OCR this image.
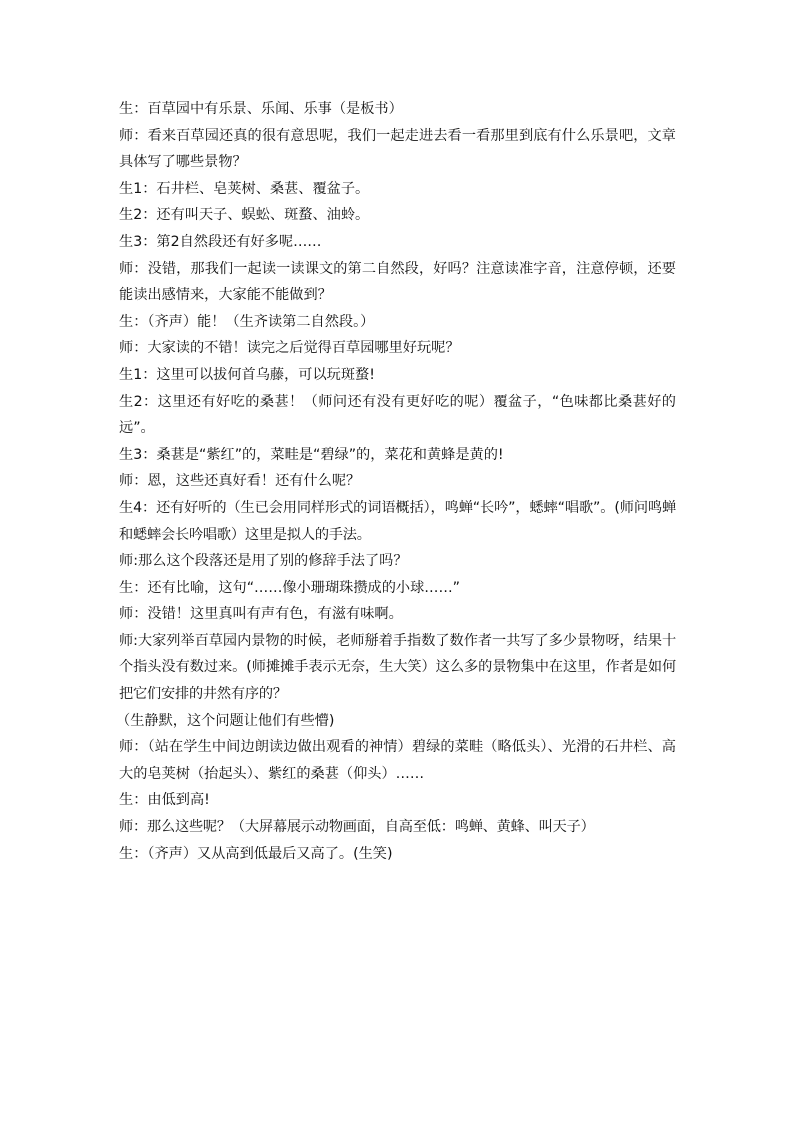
生：百草园中有乐景、乐闻、乐事（是板书）

师：看来百草园还真的很有意思呢，我们一起走进去看一看那里到底有什么乐景吧，文章具体写了哪些景物？

生1：石井栏、皂荚树、桑葚、覆盆子。

生2：还有叫天子、蜈蚣、斑蝥、油蛉。

生3：第2自然段还有好多呢……

师：没错，那我们一起读一读课文的第二自然段，好吗？注意读准字音，注意停顿，还要能读出感情来，大家能不能做到？

生：（齐声）能！（生齐读第二自然段。）

师：大家读的不错！读完之后觉得百草园哪里好玩呢？

生1：这里可以拔何首乌藤，可以玩斑蝥!

生2：这里还有好吃的桑葚！（师问还有没有更好吃的呢）覆盆子，“色味都比桑葚好的远”。

生3：桑葚是“紫红”的，菜畦是“碧绿”的，菜花和黄蜂是黄的!

师：恩，这些还真好看！还有什么呢？

生4：还有好听的（生已会用同样形式的词语概括），鸣蝉“长吟”，蟋蟀“唱歌”。(师问鸣蝉和蟋蟀会长吟唱歌）这里是拟人的手法。

师:那么这个段落还是用了别的修辞手法了吗？

生：还有比喻，这句“……像小珊瑚珠攒成的小球……”

师：没错！这里真叫有声有色，有滋有味啊。

师:大家列举百草园内景物的时候，老师掰着手指数了数作者一共写了多少景物呀，结果十个指头没有数过来。(师摊摊手表示无奈，生大笑）这么多的景物集中在这里，作者是如何把它们安排的井然有序的？

（生静默，这个问题让他们有些懵)

师：（站在学生中间边朗读边做出观看的神情）碧绿的菜畦（略低头）、光滑的石井栏、高大的皂荚树（抬起头）、紫红的桑葚（仰头）……

生：由低到高!

师：那么这些呢？（大屏幕展示动物画面，自高至低：鸣蝉、黄蜂、叫天子）

生：（齐声）又从高到低最后又高了。(生笑)
